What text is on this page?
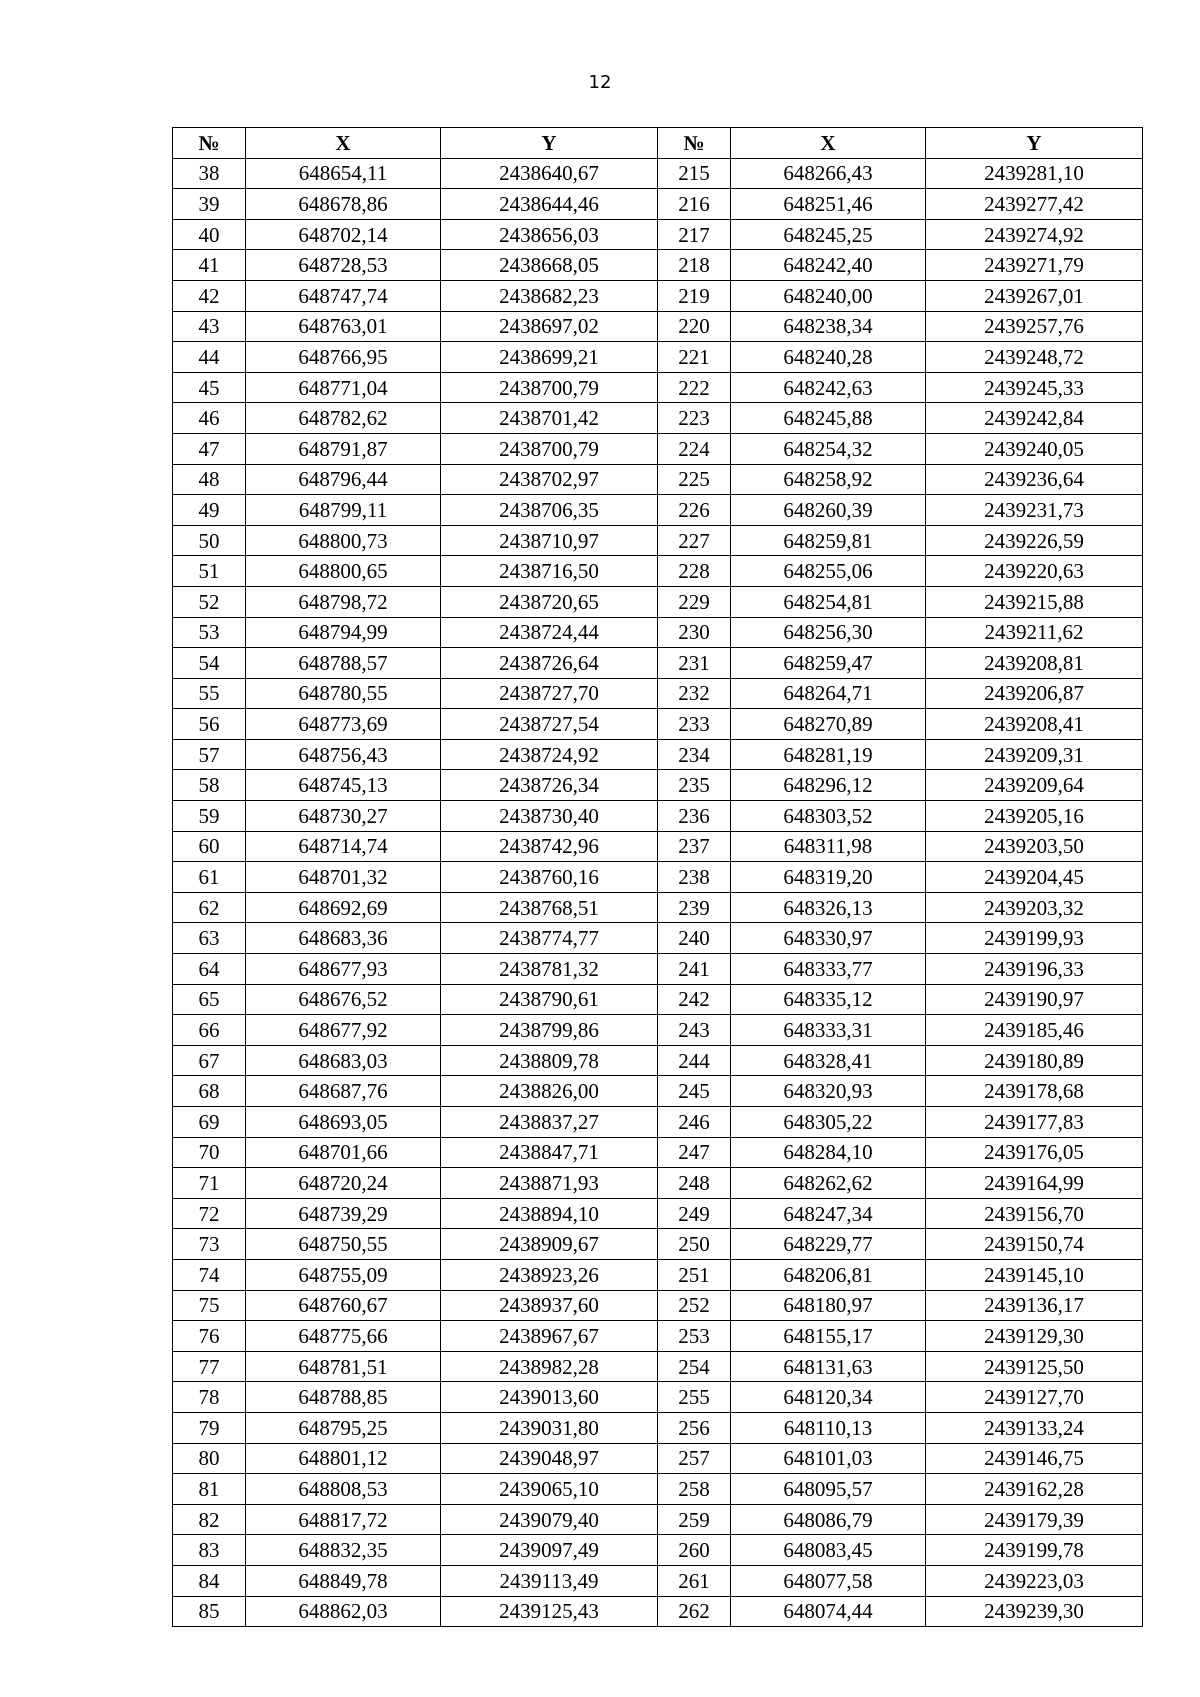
12
№	X	Y	№	X	Y
38	648654,11	2438640,67	215	648266,43	2439281,10
39	648678,86	2438644,46	216	648251,46	2439277,42
40	648702,14	2438656,03	217	648245,25	2439274,92
41	648728,53	2438668,05	218	648242,40	2439271,79
42	648747,74	2438682,23	219	648240,00	2439267,01
43	648763,01	2438697,02	220	648238,34	2439257,76
44	648766,95	2438699,21	221	648240,28	2439248,72
45	648771,04	2438700,79	222	648242,63	2439245,33
46	648782,62	2438701,42	223	648245,88	2439242,84
47	648791,87	2438700,79	224	648254,32	2439240,05
48	648796,44	2438702,97	225	648258,92	2439236,64
49	648799,11	2438706,35	226	648260,39	2439231,73
50	648800,73	2438710,97	227	648259,81	2439226,59
51	648800,65	2438716,50	228	648255,06	2439220,63
52	648798,72	2438720,65	229	648254,81	2439215,88
53	648794,99	2438724,44	230	648256,30	2439211,62
54	648788,57	2438726,64	231	648259,47	2439208,81
55	648780,55	2438727,70	232	648264,71	2439206,87
56	648773,69	2438727,54	233	648270,89	2439208,41
57	648756,43	2438724,92	234	648281,19	2439209,31
58	648745,13	2438726,34	235	648296,12	2439209,64
59	648730,27	2438730,40	236	648303,52	2439205,16
60	648714,74	2438742,96	237	648311,98	2439203,50
61	648701,32	2438760,16	238	648319,20	2439204,45
62	648692,69	2438768,51	239	648326,13	2439203,32
63	648683,36	2438774,77	240	648330,97	2439199,93
64	648677,93	2438781,32	241	648333,77	2439196,33
65	648676,52	2438790,61	242	648335,12	2439190,97
66	648677,92	2438799,86	243	648333,31	2439185,46
67	648683,03	2438809,78	244	648328,41	2439180,89
68	648687,76	2438826,00	245	648320,93	2439178,68
69	648693,05	2438837,27	246	648305,22	2439177,83
70	648701,66	2438847,71	247	648284,10	2439176,05
71	648720,24	2438871,93	248	648262,62	2439164,99
72	648739,29	2438894,10	249	648247,34	2439156,70
73	648750,55	2438909,67	250	648229,77	2439150,74
74	648755,09	2438923,26	251	648206,81	2439145,10
75	648760,67	2438937,60	252	648180,97	2439136,17
76	648775,66	2438967,67	253	648155,17	2439129,30
77	648781,51	2438982,28	254	648131,63	2439125,50
78	648788,85	2439013,60	255	648120,34	2439127,70
79	648795,25	2439031,80	256	648110,13	2439133,24
80	648801,12	2439048,97	257	648101,03	2439146,75
81	648808,53	2439065,10	258	648095,57	2439162,28
82	648817,72	2439079,40	259	648086,79	2439179,39
83	648832,35	2439097,49	260	648083,45	2439199,78
84	648849,78	2439113,49	261	648077,58	2439223,03
85	648862,03	2439125,43	262	648074,44	2439239,30
